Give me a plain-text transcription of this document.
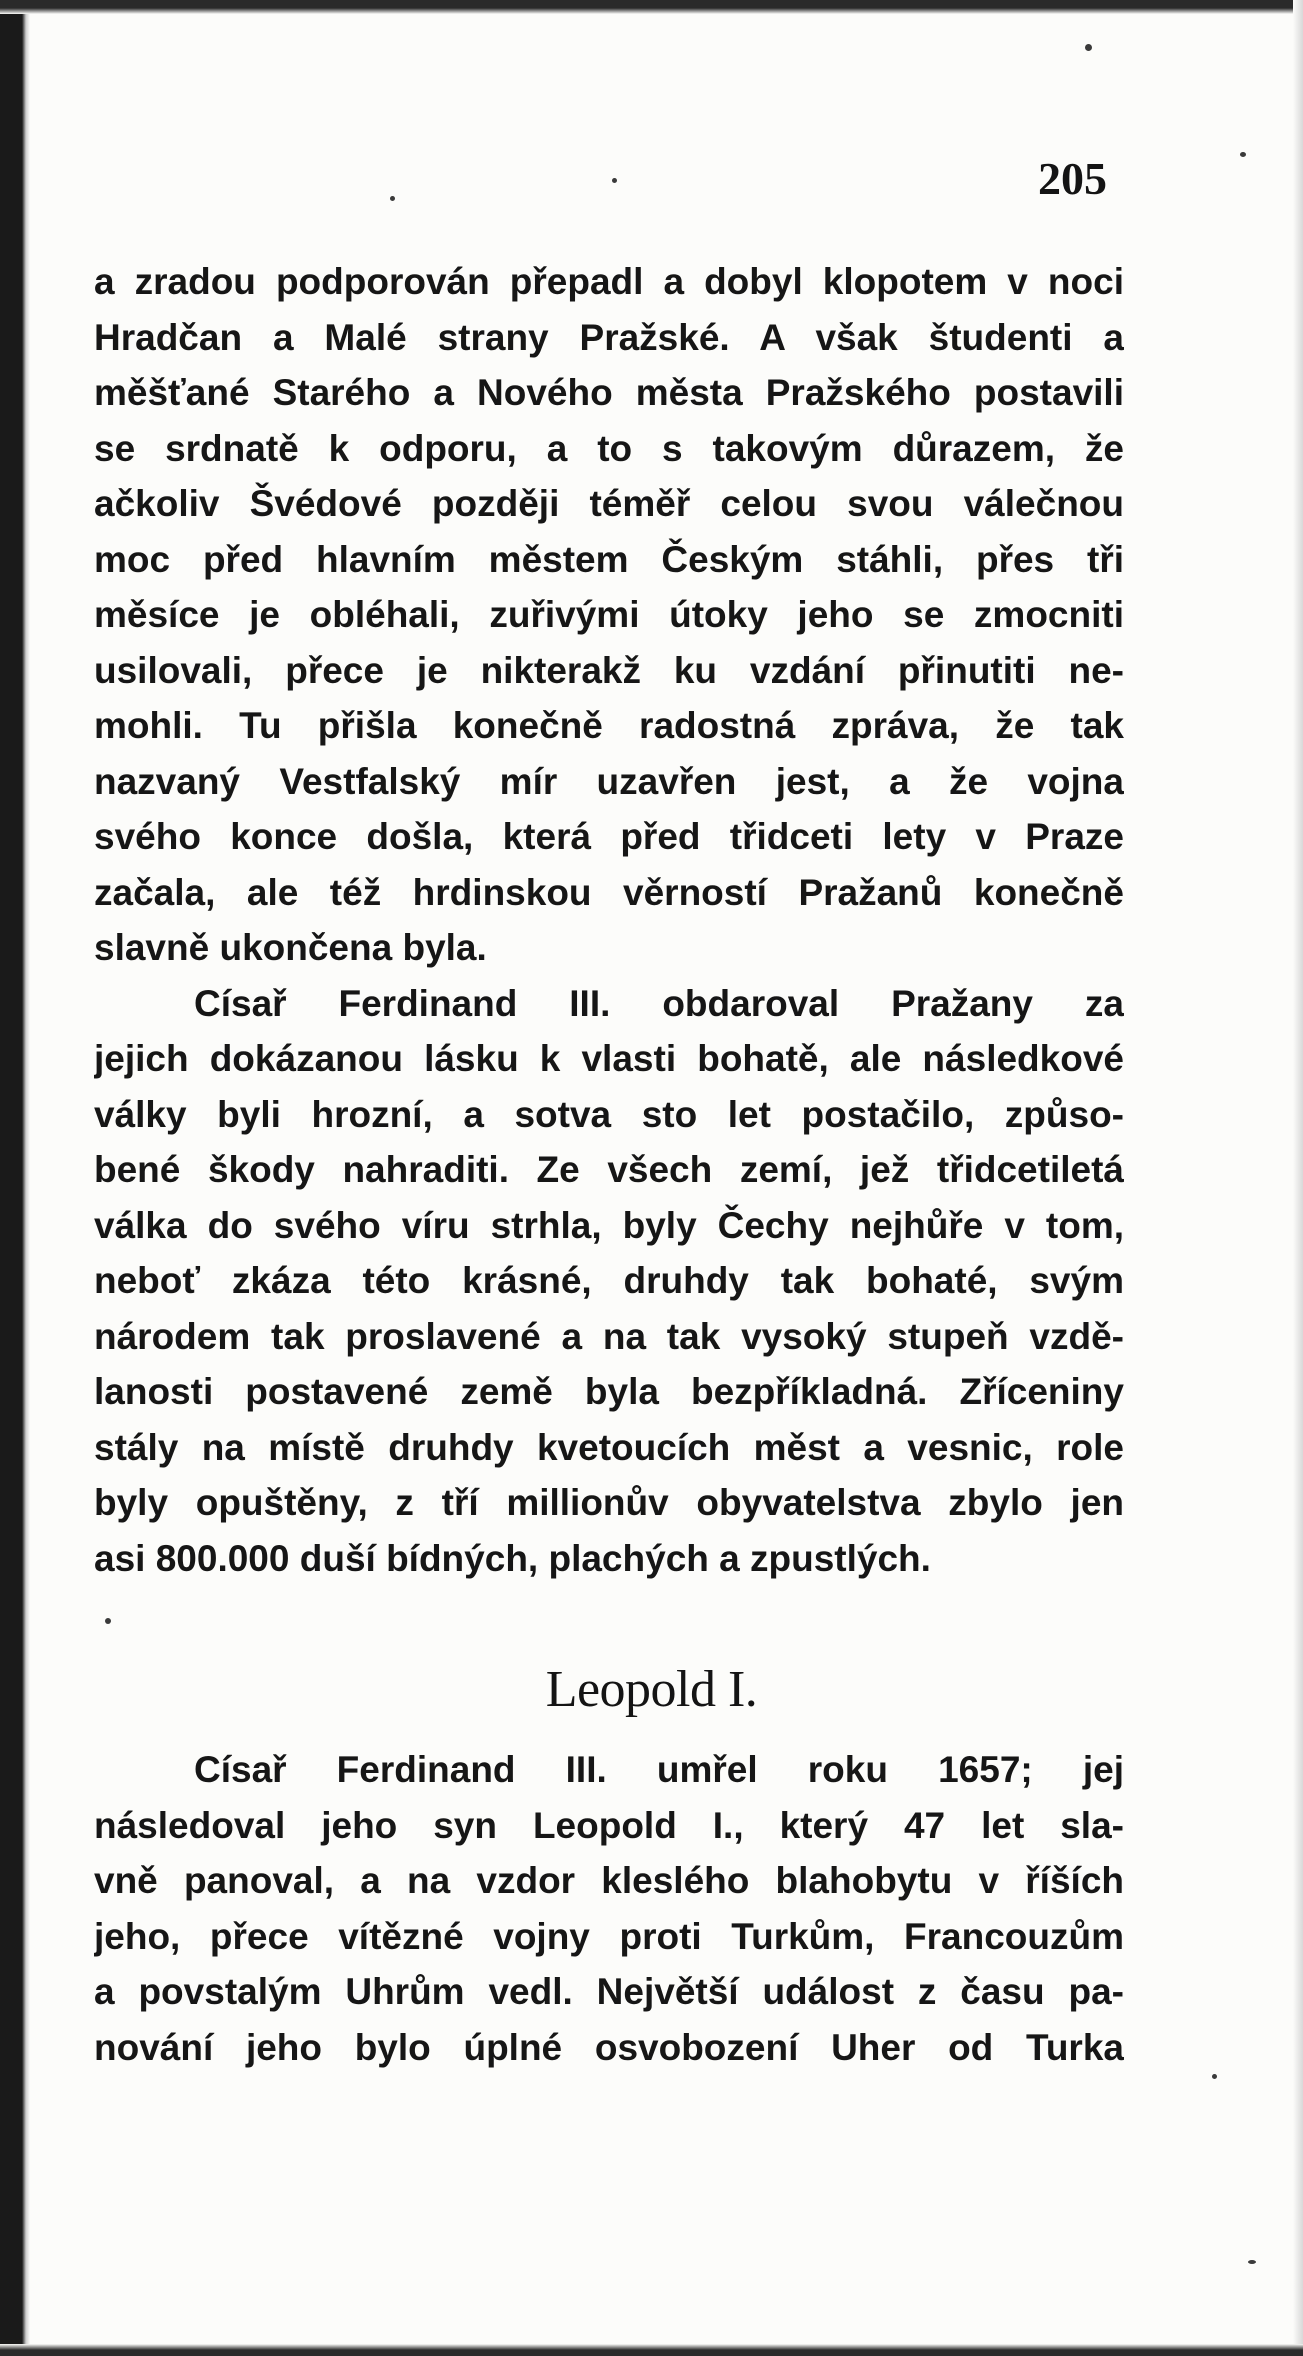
205
a zradou podporován přepadl a dobyl klopotem v noci
Hradčan a Malé strany Pražské. A však študenti a
měšťané Starého a Nového města Pražského postavili
se srdnatě k odporu, a to s takovým důrazem, že
ačkoliv Švédové později téměř celou svou válečnou
moc před hlavním městem Českým stáhli, přes tři
měsíce je obléhali, zuřivými útoky jeho se zmocniti
usilovali, přece je nikterakž ku vzdání přinutiti ne-
mohli. Tu přišla konečně radostná zpráva, že tak
nazvaný Vestfalský mír uzavřen jest, a že vojna
svého konce došla, která před třidceti lety v Praze
začala, ale též hrdinskou věrností Pražanů konečně
slavně ukončena byla.
Císař Ferdinand III. obdaroval Pražany za
jejich dokázanou lásku k vlasti bohatě, ale následkové
války byli hrozní, a sotva sto let postačilo, způso-
bené škody nahraditi. Ze všech zemí, jež třidcetiletá
válka do svého víru strhla, byly Čechy nejhůře v tom,
neboť zkáza této krásné, druhdy tak bohaté, svým
národem tak proslavené a na tak vysoký stupeň vzdě-
lanosti postavené země byla bezpříkladná. Zříceniny
stály na místě druhdy kvetoucích měst a vesnic, role
byly opuštěny, z tří millionův obyvatelstva zbylo jen
asi 800.000 duší bídných, plachých a zpustlých.
Leopold I.
Císař Ferdinand III. umřel roku 1657; jej
následoval jeho syn Leopold I., který 47 let sla-
vně panoval, a na vzdor klesléhо blahobytu v říších
jeho, přece vítězné vojny proti Turkům, Francouzům
a povstalým Uhrům vedl. Největší událost z času pa-
nování jeho bylo úplné osvobození Uher od Turka
